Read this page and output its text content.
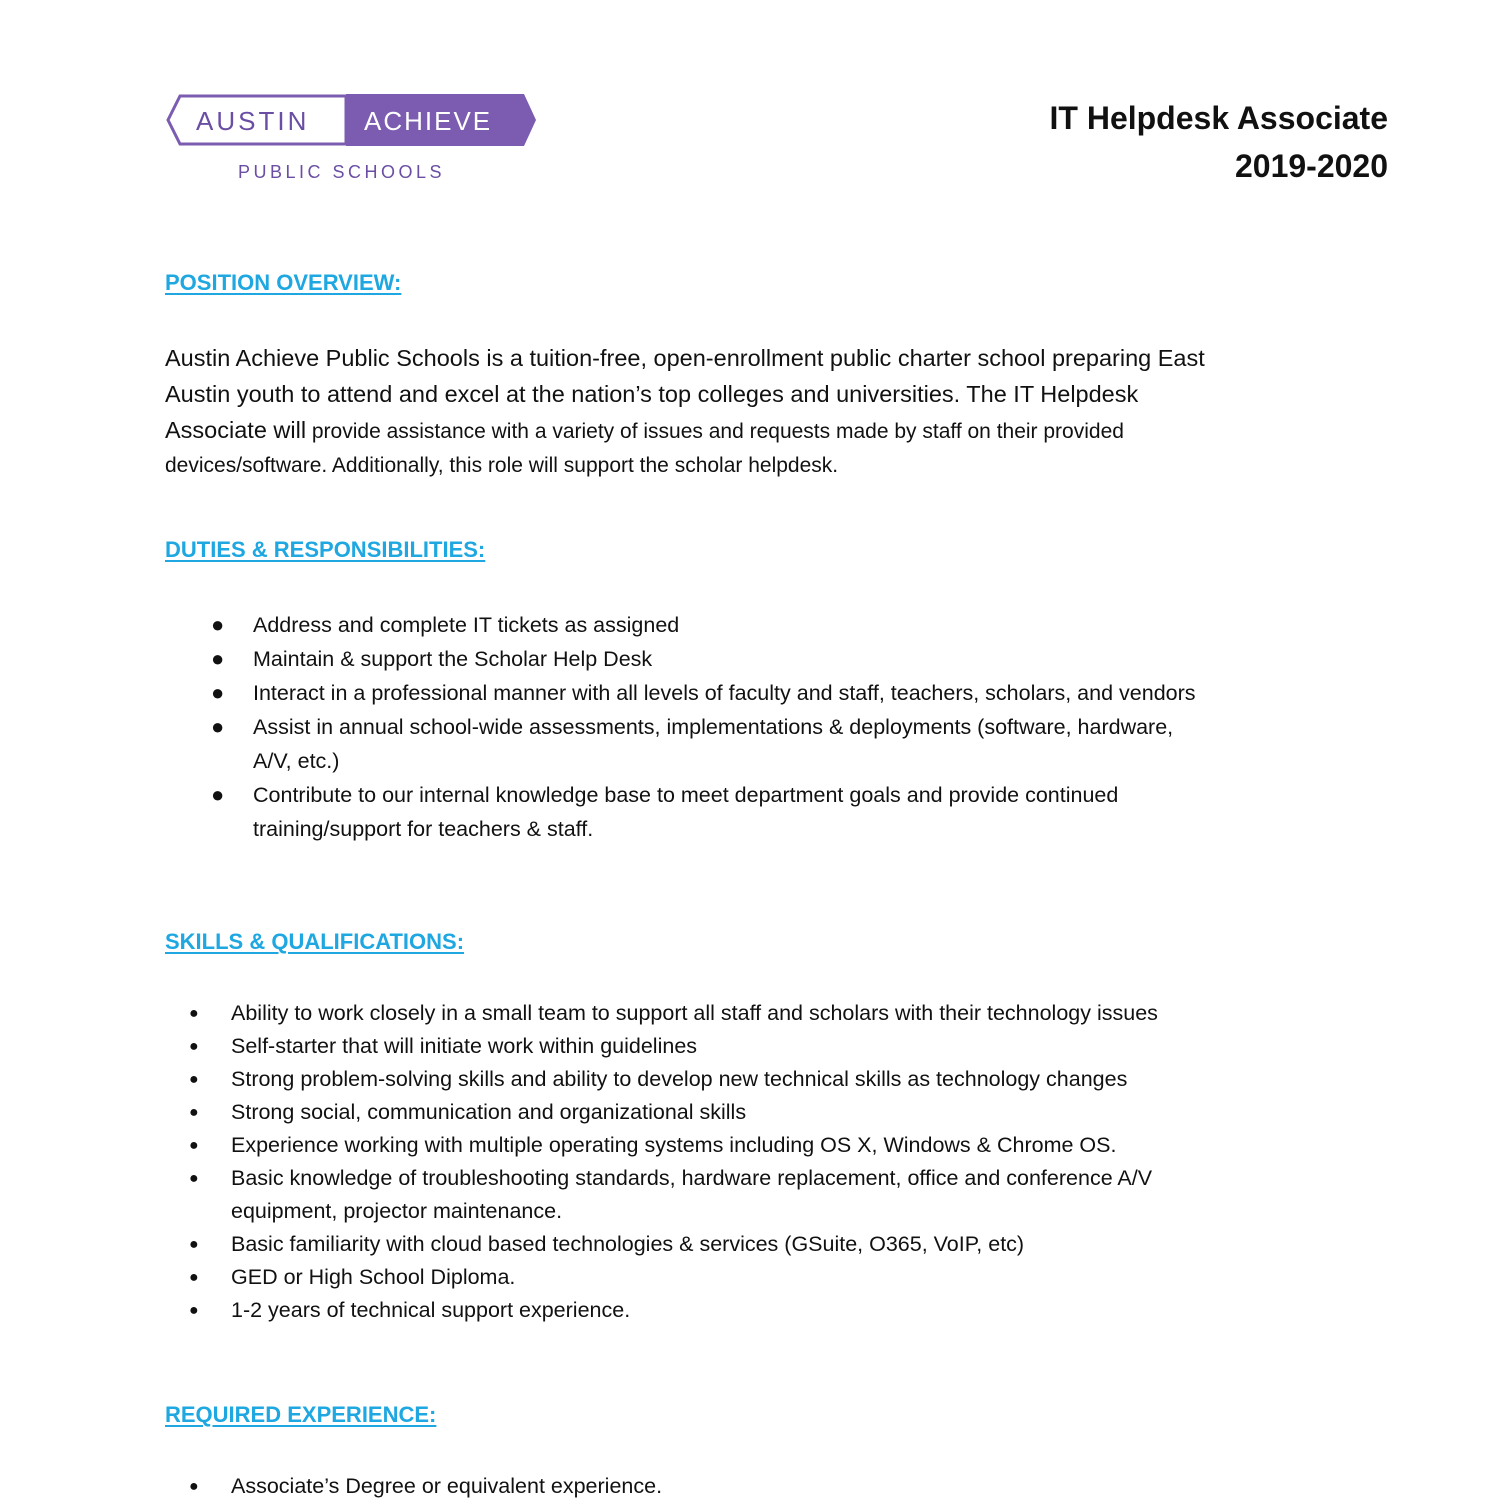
AUSTIN ACHIEVE
PUBLIC SCHOOLS
IT Helpdesk Associate
2019-2020
POSITION OVERVIEW:
Austin Achieve Public Schools is a tuition-free, open-enrollment public charter school preparing East
Austin youth to attend and excel at the nation’s top colleges and universities. The IT Helpdesk
Associate will provide assistance with a variety of issues and requests made by staff on their provided
devices/software. Additionally, this role will support the scholar helpdesk.
DUTIES & RESPONSIBILITIES:
● Address and complete IT tickets as assigned
● Maintain & support the Scholar Help Desk
● Interact in a professional manner with all levels of faculty and staff, teachers, scholars, and vendors
● Assist in annual school-wide assessments, implementations & deployments (software, hardware,
A/V, etc.)
● Contribute to our internal knowledge base to meet department goals and provide continued
training/support for teachers & staff.
SKILLS & QUALIFICATIONS:
● Ability to work closely in a small team to support all staff and scholars with their technology issues
● Self-starter that will initiate work within guidelines
● Strong problem-solving skills and ability to develop new technical skills as technology changes
● Strong social, communication and organizational skills
● Experience working with multiple operating systems including OS X, Windows & Chrome OS.
● Basic knowledge of troubleshooting standards, hardware replacement, office and conference A/V
equipment, projector maintenance.
● Basic familiarity with cloud based technologies & services (GSuite, O365, VoIP, etc)
● GED or High School Diploma.
● 1-2 years of technical support experience.
REQUIRED EXPERIENCE:
● Associate’s Degree or equivalent experience.
